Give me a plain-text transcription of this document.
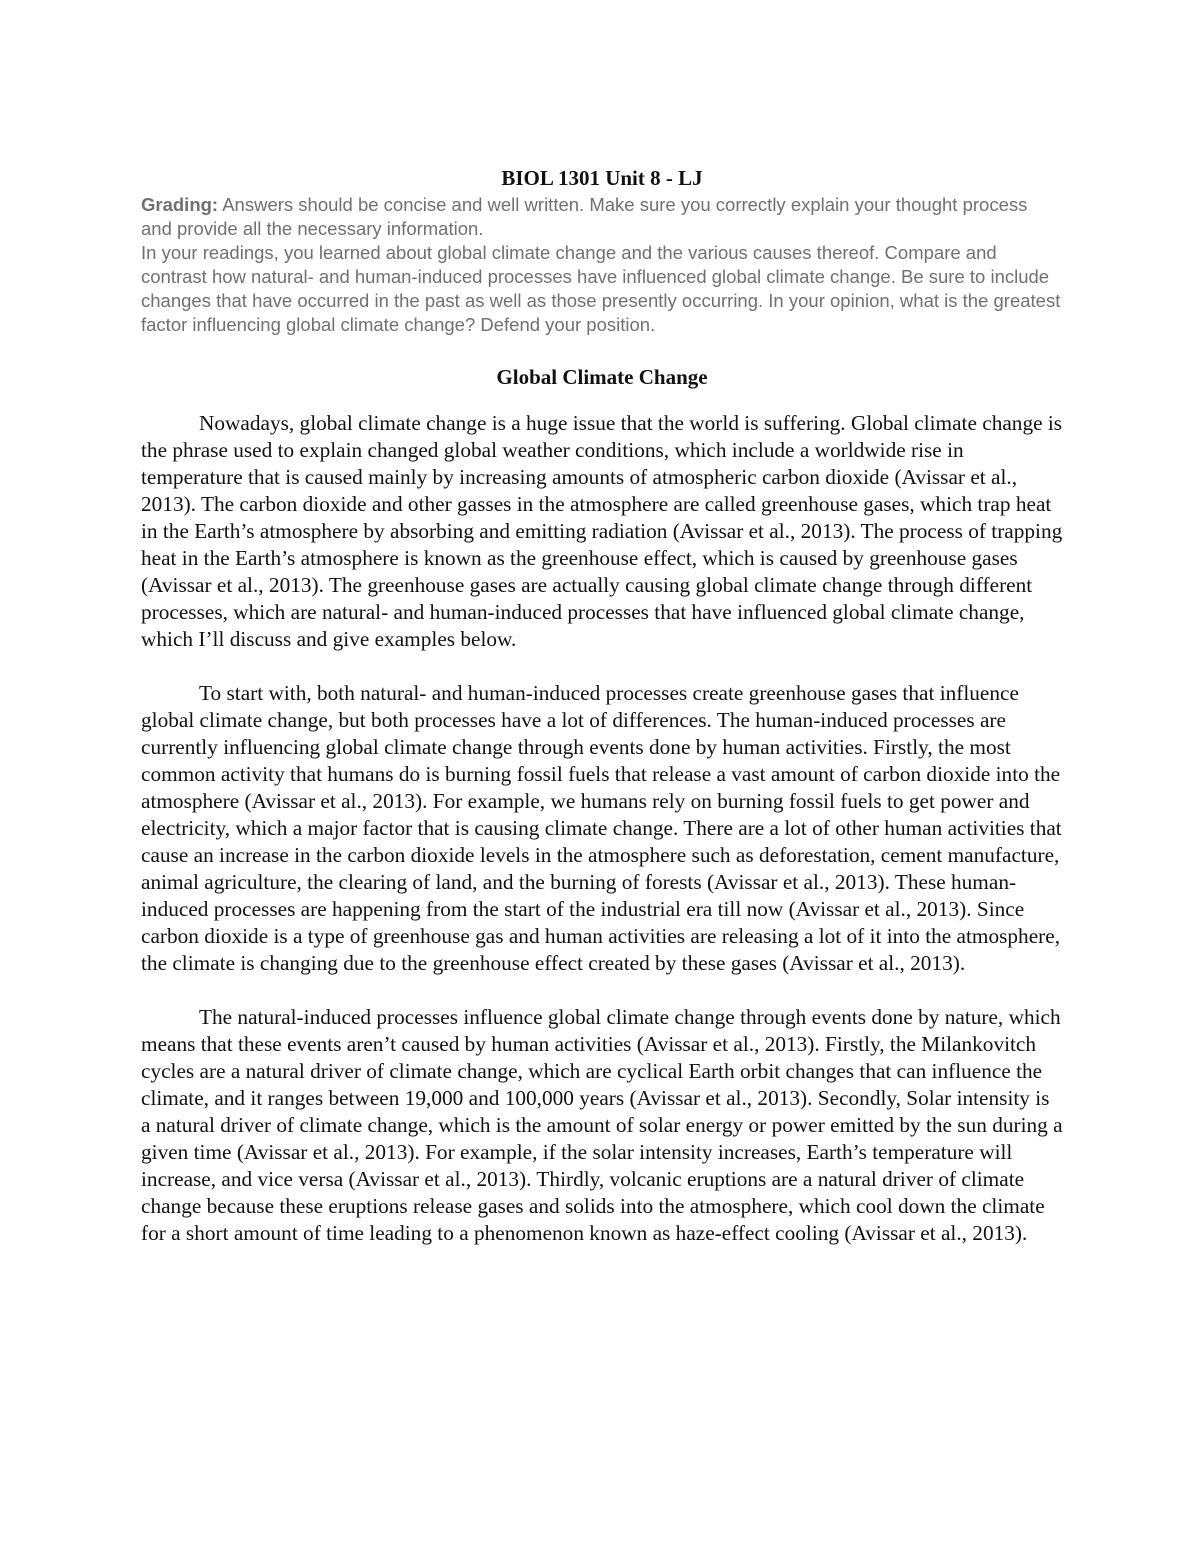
BIOL 1301 Unit 8 - LJ

Grading: Answers should be concise and well written. Make sure you correctly explain your thought process and provide all the necessary information.

In your readings, you learned about global climate change and the various causes thereof. Compare and contrast how natural- and human-induced processes have influenced global climate change. Be sure to include changes that have occurred in the past as well as those presently occurring. In your opinion, what is the greatest factor influencing global climate change? Defend your position.

Global Climate Change

Nowadays, global climate change is a huge issue that the world is suffering. Global climate change is the phrase used to explain changed global weather conditions, which include a worldwide rise in temperature that is caused mainly by increasing amounts of atmospheric carbon dioxide (Avissar et al., 2013). The carbon dioxide and other gasses in the atmosphere are called greenhouse gases, which trap heat in the Earth’s atmosphere by absorbing and emitting radiation (Avissar et al., 2013). The process of trapping heat in the Earth’s atmosphere is known as the greenhouse effect, which is caused by greenhouse gases (Avissar et al., 2013). The greenhouse gases are actually causing global climate change through different processes, which are natural- and human-induced processes that have influenced global climate change, which I’ll discuss and give examples below.

To start with, both natural- and human-induced processes create greenhouse gases that influence global climate change, but both processes have a lot of differences. The human-induced processes are currently influencing global climate change through events done by human activities. Firstly, the most common activity that humans do is burning fossil fuels that release a vast amount of carbon dioxide into the atmosphere (Avissar et al., 2013). For example, we humans rely on burning fossil fuels to get power and electricity, which a major factor that is causing climate change. There are a lot of other human activities that cause an increase in the carbon dioxide levels in the atmosphere such as deforestation, cement manufacture, animal agriculture, the clearing of land, and the burning of forests (Avissar et al., 2013). These human-induced processes are happening from the start of the industrial era till now (Avissar et al., 2013). Since carbon dioxide is a type of greenhouse gas and human activities are releasing a lot of it into the atmosphere, the climate is changing due to the greenhouse effect created by these gases (Avissar et al., 2013).

The natural-induced processes influence global climate change through events done by nature, which means that these events aren’t caused by human activities (Avissar et al., 2013). Firstly, the Milankovitch cycles are a natural driver of climate change, which are cyclical Earth orbit changes that can influence the climate, and it ranges between 19,000 and 100,000 years (Avissar et al., 2013). Secondly, Solar intensity is a natural driver of climate change, which is the amount of solar energy or power emitted by the sun during a given time (Avissar et al., 2013). For example, if the solar intensity increases, Earth’s temperature will increase, and vice versa (Avissar et al., 2013). Thirdly, volcanic eruptions are a natural driver of climate change because these eruptions release gases and solids into the atmosphere, which cool down the climate for a short amount of time leading to a phenomenon known as haze-effect cooling (Avissar et al., 2013).
